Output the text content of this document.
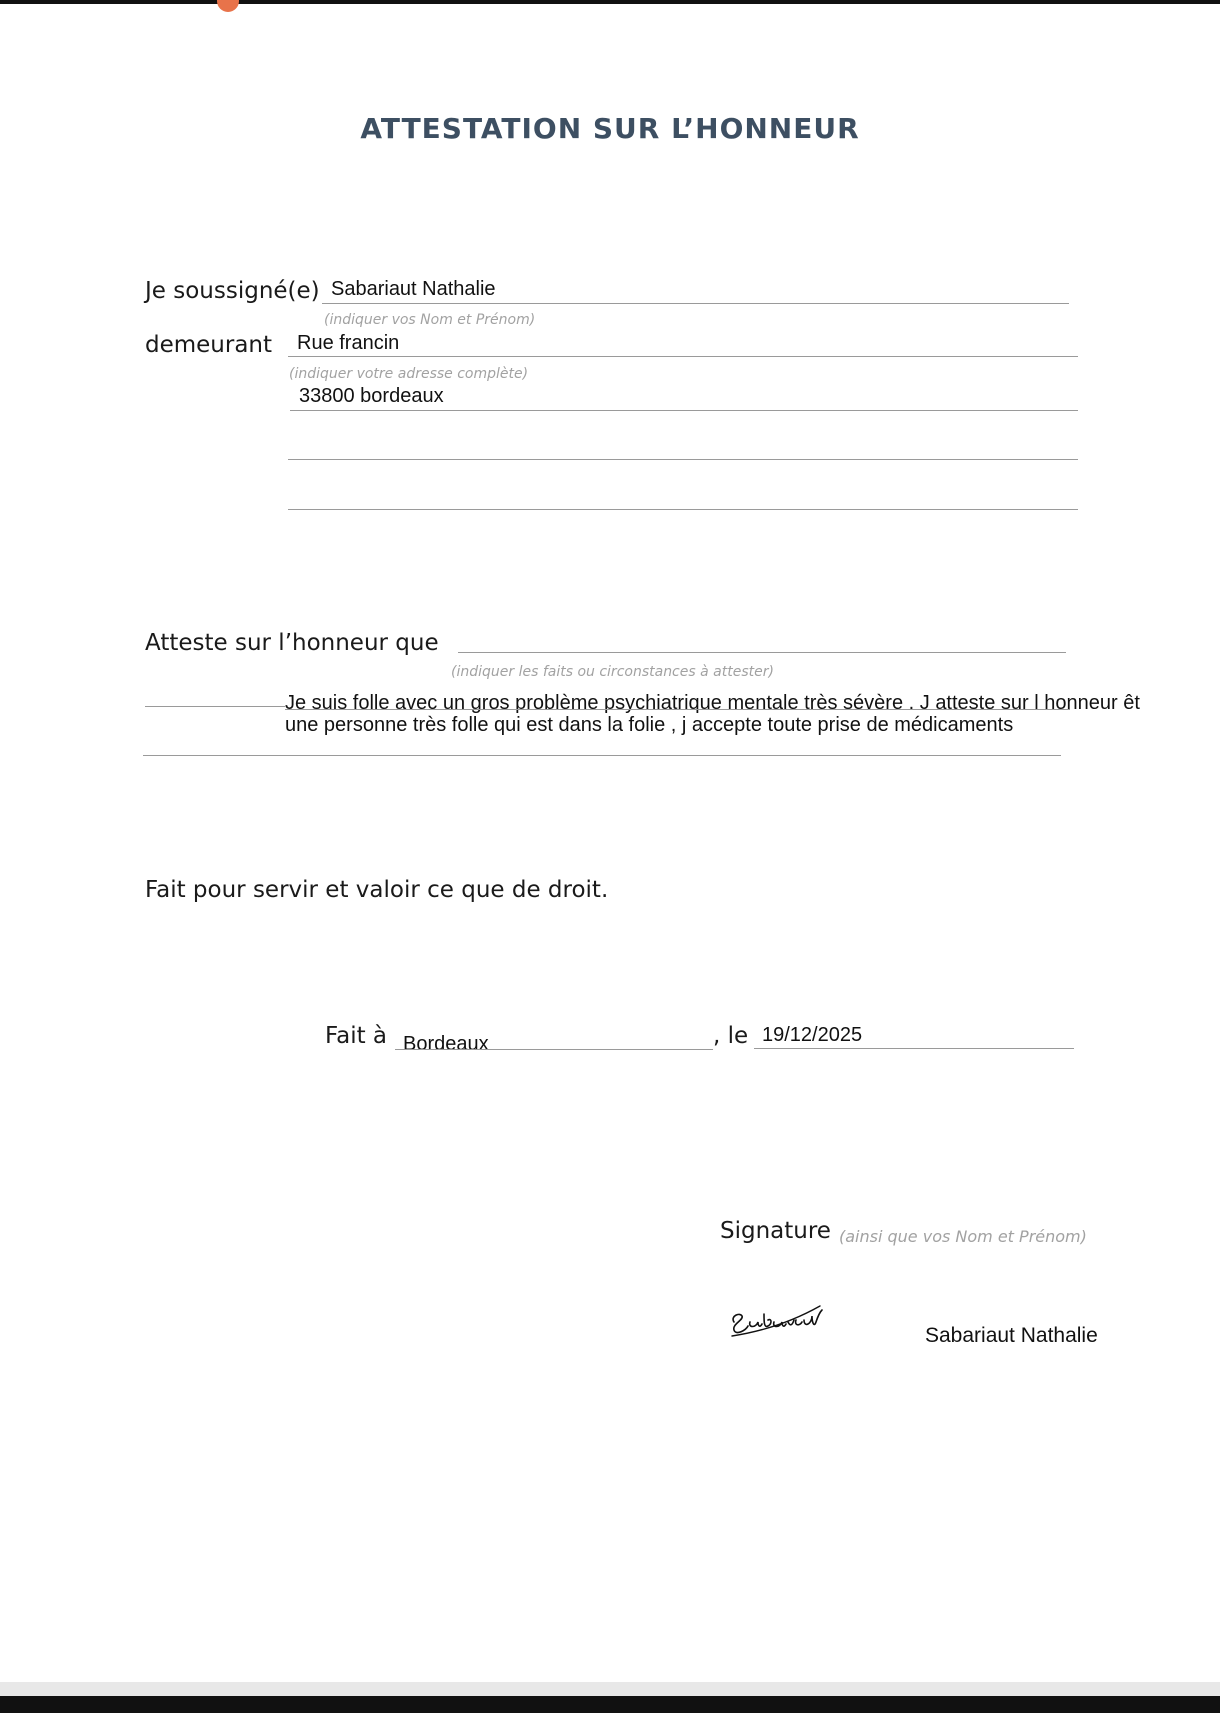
ATTESTATION SUR L’HONNEUR
Je soussigné(e) Sabariaut Nathalie
(indiquer vos Nom et Prénom)
demeurant Rue francin
(indiquer votre adresse complète)
33800 bordeaux
Atteste sur l’honneur que
(indiquer les faits ou circonstances à attester)
Je suis folle avec un gros problème psychiatrique mentale très sévère . J atteste sur l honneur êt
une personne très folle qui est dans la folie , j accepte toute prise de médicaments
Fait pour servir et valoir ce que de droit.
Fait à Bordeaux	, le 19/12/2025
Signature (ainsi que vos Nom et Prénom)
Sabariaut Nathalie
